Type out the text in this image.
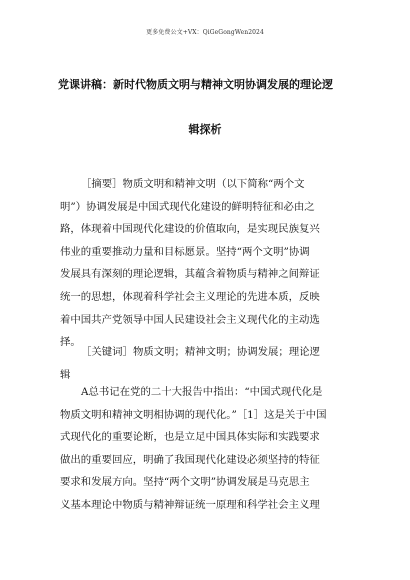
更多免费公文+VX：QiGeGongWen2024
党课讲稿：新时代物质文明与精神文明协调发展的理论逻
辑探析
［摘要］物质文明和精神文明（以下简称“两个文
明”）协调发展是中国式现代化建设的鲜明特征和必由之
路，体现着中国现代化建设的价值取向，是实现民族复兴
伟业的重要推动力量和目标愿景。坚持“两个文明”协调
发展具有深刻的理论逻辑，其蕴含着物质与精神之间辩证
统一的思想，体现着科学社会主义理论的先进本质，反映
着中国共产党领导中国人民建设社会主义现代化的主动选
择。
［关键词］物质文明；精神文明；协调发展；理论逻
辑
A总书记在党的二十大报告中指出：“中国式现代化是
物质文明和精神文明相协调的现代化。”［1］这是关于中国
式现代化的重要论断，也是立足中国具体实际和实践要求
做出的重要回应，明确了我国现代化建设必须坚持的特征
要求和发展方向。坚持“两个文明”协调发展是马克思主
义基本理论中物质与精神辩证统一原理和科学社会主义理
